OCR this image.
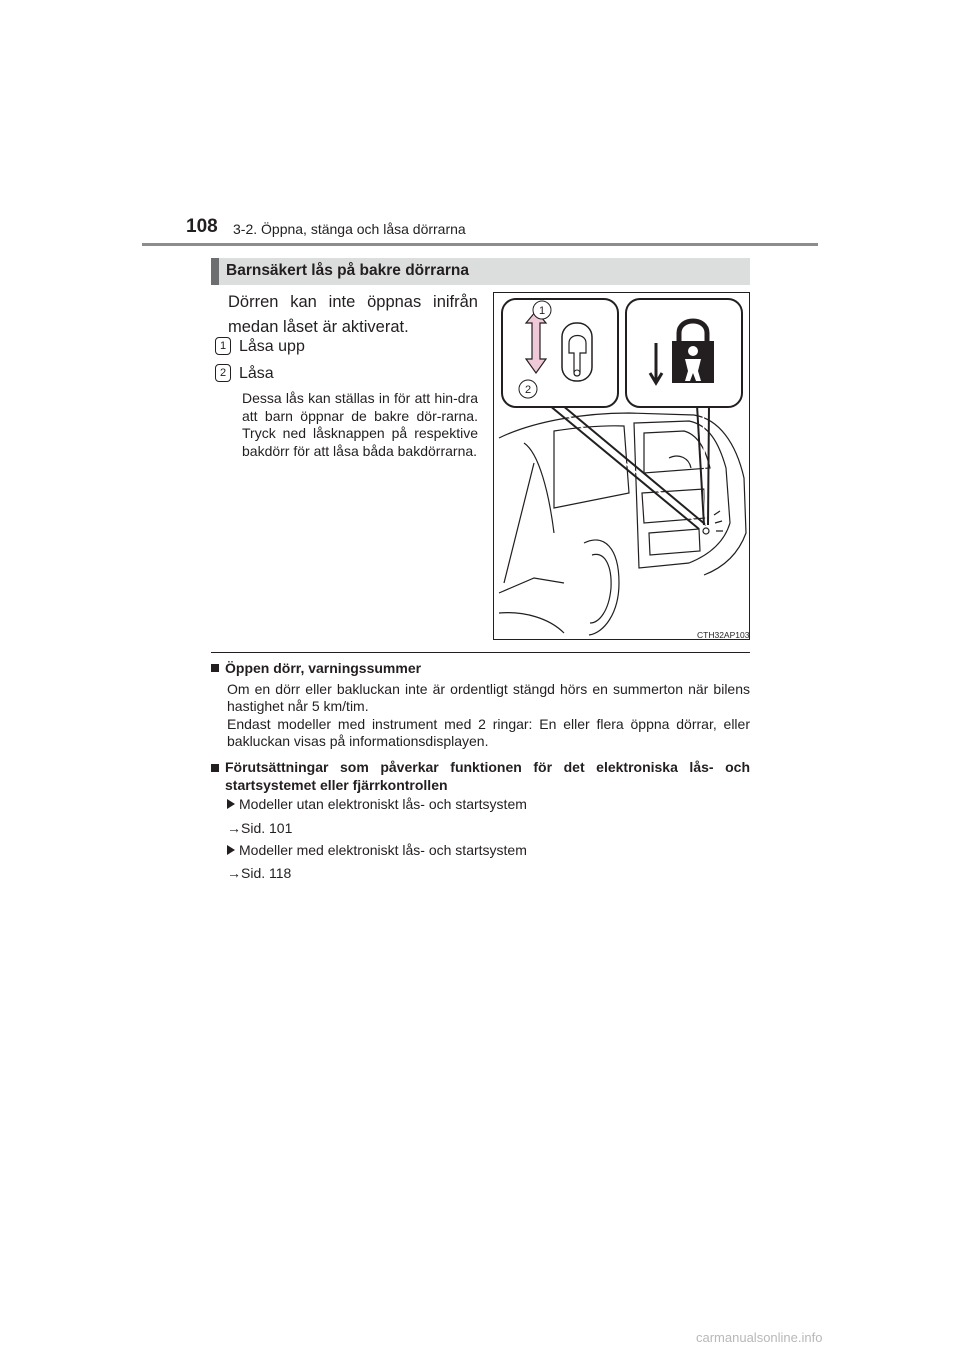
108 3-2. Öppna, stänga och låsa dörrarna
Barnsäkert lås på bakre dörrarna
Dörren kan inte öppnas inifrån medan låset är aktiverat.
1 Låsa upp
2 Låsa
Dessa lås kan ställas in för att hin-dra att barn öppnar de bakre dör-rarna. Tryck ned låsknappen på respektive bakdörr för att låsa båda bakdörrarna.
1
2
CTH32AP103
Öppen dörr, varningssummer
Om en dörr eller bakluckan inte är ordentligt stängd hörs en summerton när bilens hastighet når 5 km/tim.
Endast modeller med instrument med 2 ringar: En eller flera öppna dörrar, eller bakluckan visas på informationsdisplayen.
Förutsättningar som påverkar funktionen för det elektroniska lås- och startsystemet eller fjärrkontrollen
Modeller utan elektroniskt lås- och startsystem
→Sid. 101
Modeller med elektroniskt lås- och startsystem
→Sid. 118
carmanualsonline.info
